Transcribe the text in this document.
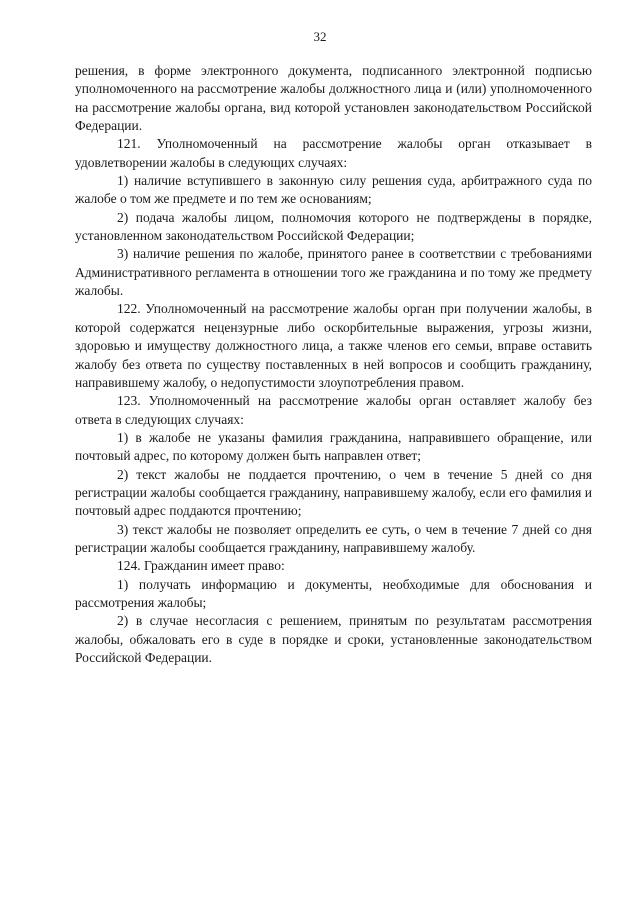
32

решения, в форме электронного документа, подписанного электронной подписью уполномоченного на рассмотрение жалобы должностного лица и (или) уполномоченного на рассмотрение жалобы органа, вид которой установлен законодательством Российской Федерации.

121. Уполномоченный на рассмотрение жалобы орган отказывает в удовлетворении жалобы в следующих случаях:

1) наличие вступившего в законную силу решения суда, арбитражного суда по жалобе о том же предмете и по тем же основаниям;

2) подача жалобы лицом, полномочия которого не подтверждены в порядке, установленном законодательством Российской Федерации;

3) наличие решения по жалобе, принятого ранее в соответствии с требованиями Административного регламента в отношении того же гражданина и по тому же предмету жалобы.

122. Уполномоченный на рассмотрение жалобы орган при получении жалобы, в которой содержатся нецензурные либо оскорбительные выражения, угрозы жизни, здоровью и имуществу должностного лица, а также членов его семьи, вправе оставить жалобу без ответа по существу поставленных в ней вопросов и сообщить гражданину, направившему жалобу, о недопустимости злоупотребления правом.

123. Уполномоченный на рассмотрение жалобы орган оставляет жалобу без ответа в следующих случаях:

1) в жалобе не указаны фамилия гражданина, направившего обращение, или почтовый адрес, по которому должен быть направлен ответ;

2) текст жалобы не поддается прочтению, о чем в течение 5 дней со дня регистрации жалобы сообщается гражданину, направившему жалобу, если его фамилия и почтовый адрес поддаются прочтению;

3) текст жалобы не позволяет определить ее суть, о чем в течение 7 дней со дня регистрации жалобы сообщается гражданину, направившему жалобу.

124. Гражданин имеет право:

1) получать информацию и документы, необходимые для обоснования и рассмотрения жалобы;

2) в случае несогласия с решением, принятым по результатам рассмотрения жалобы, обжаловать его в суде в порядке и сроки, установленные законодательством Российской Федерации.
